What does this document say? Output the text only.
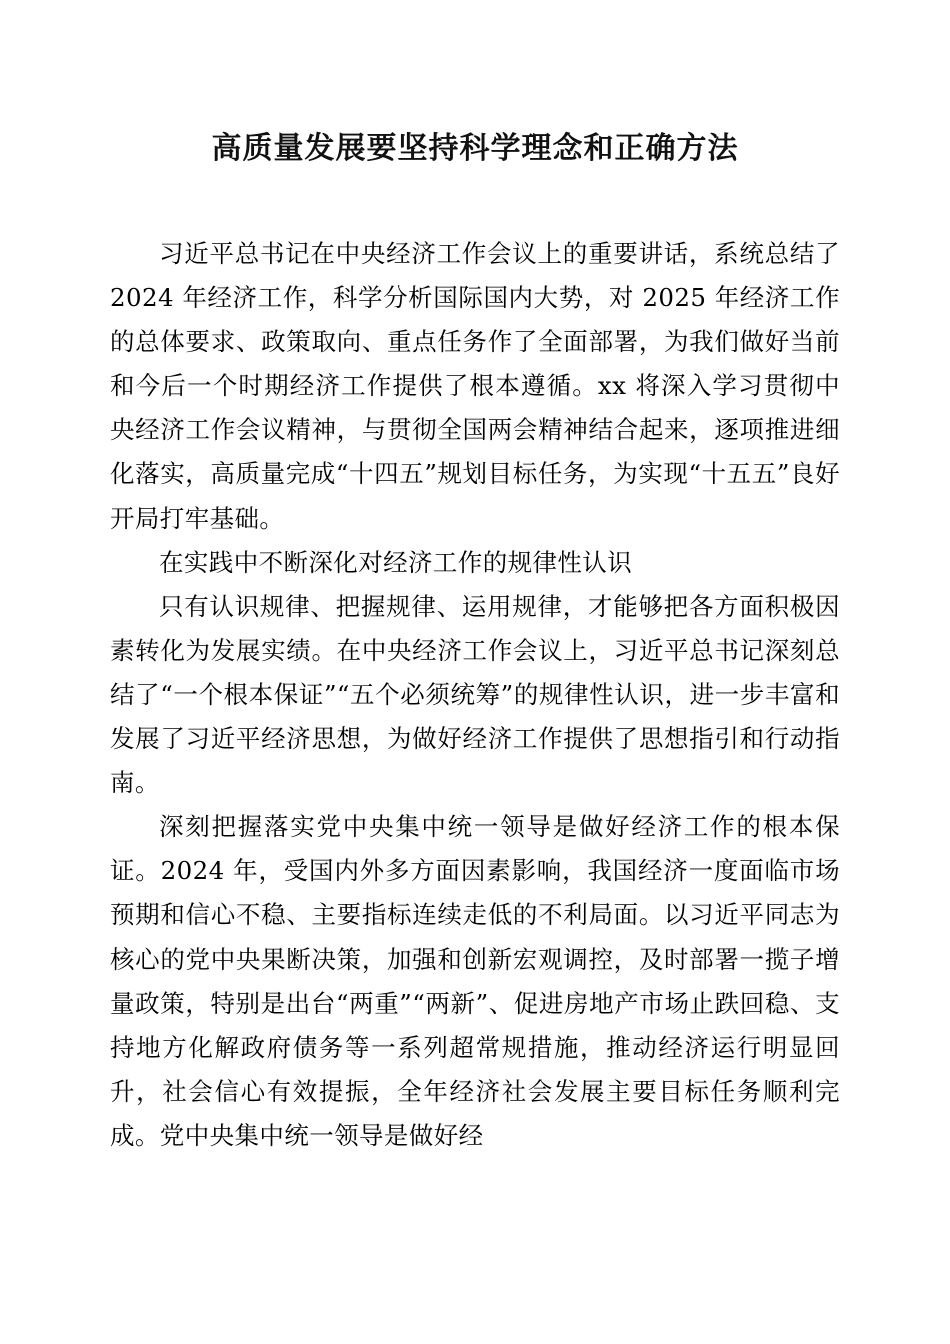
高质量发展要坚持科学理念和正确方法

习近平总书记在中央经济工作会议上的重要讲话，系统总结了 2024 年经济工作，科学分析国际国内大势，对 2025 年经济工作的总体要求、政策取向、重点任务作了全面部署，为我们做好当前和今后一个时期经济工作提供了根本遵循。xx 将深入学习贯彻中央经济工作会议精神，与贯彻全国两会精神结合起来，逐项推进细化落实，高质量完成“十四五”规划目标任务，为实现“十五五”良好开局打牢基础。

在实践中不断深化对经济工作的规律性认识

只有认识规律、把握规律、运用规律，才能够把各方面积极因素转化为发展实绩。在中央经济工作会议上，习近平总书记深刻总结了“一个根本保证”“五个必须统筹”的规律性认识，进一步丰富和发展了习近平经济思想，为做好经济工作提供了思想指引和行动指南。

深刻把握落实党中央集中统一领导是做好经济工作的根本保证。2024 年，受国内外多方面因素影响，我国经济一度面临市场预期和信心不稳、主要指标连续走低的不利局面。以习近平同志为核心的党中央果断决策，加强和创新宏观调控，及时部署一揽子增量政策，特别是出台“两重”“两新”、促进房地产市场止跌回稳、支持地方化解政府债务等一系列超常规措施，推动经济运行明显回升，社会信心有效提振，全年经济社会发展主要目标任务顺利完成。党中央集中统一领导是做好经
